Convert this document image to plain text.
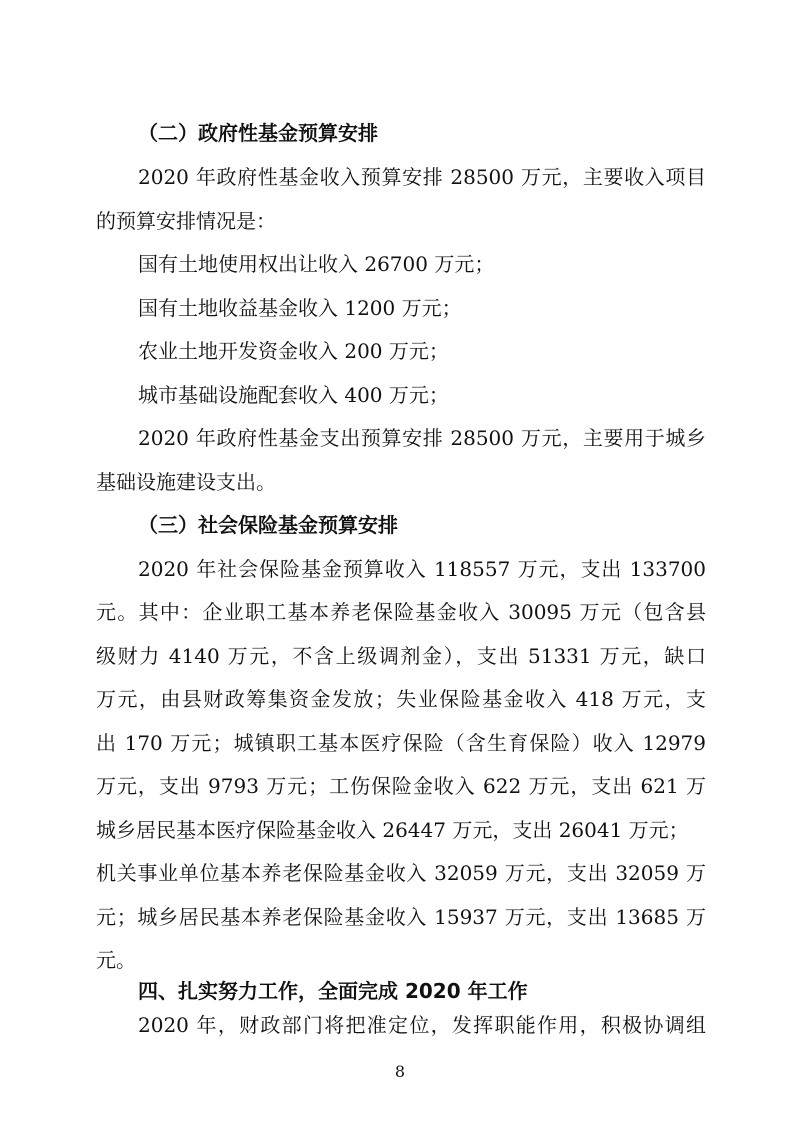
（二）政府性基金预算安排
2020 年政府性基金收入预算安排 28500 万元，主要收入项目
的预算安排情况是：
国有土地使用权出让收入 26700 万元；
国有土地收益基金收入 1200 万元；
农业土地开发资金收入 200 万元；
城市基础设施配套收入 400 万元；
2020 年政府性基金支出预算安排 28500 万元，主要用于城乡
基础设施建设支出。
（三）社会保险基金预算安排
2020 年社会保险基金预算收入 118557 万元，支出 133700
元。其中：企业职工基本养老保险基金收入 30095 万元（包含县
级财力 4140 万元，不含上级调剂金），支出 51331 万元，缺口
万元，由县财政筹集资金发放；失业保险基金收入 418 万元，支
出 170 万元；城镇职工基本医疗保险（含生育保险）收入 12979
万元，支出 9793 万元；工伤保险金收入 622 万元，支出 621 万
城乡居民基本医疗保险基金收入 26447 万元，支出 26041 万元；
机关事业单位基本养老保险基金收入 32059 万元，支出 32059 万
元；城乡居民基本养老保险基金收入 15937 万元，支出 13685 万
元。
四、扎实努力工作，全面完成 2020 年工作
2020 年，财政部门将把准定位，发挥职能作用，积极协调组
8
